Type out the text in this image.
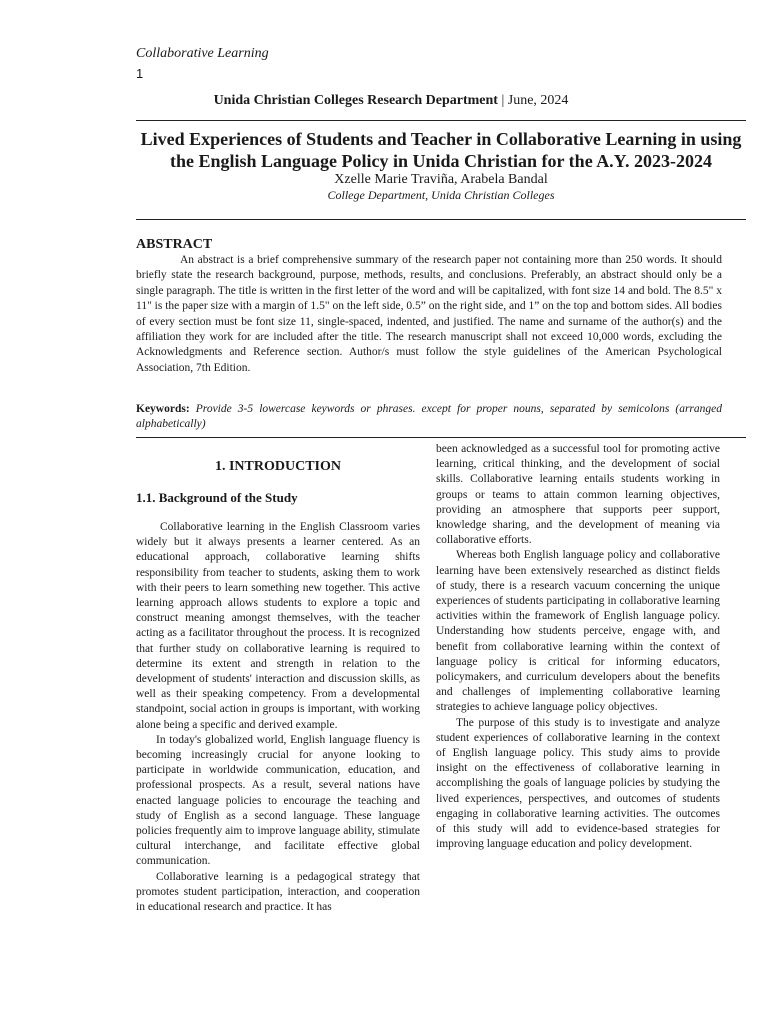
Collaborative Learning
1
Unida Christian Colleges Research Department | June, 2024
Lived Experiences of Students and Teacher in Collaborative Learning in using the English Language Policy in Unida Christian for the A.Y. 2023-2024
Xzelle Marie Traviña, Arabela Bandal
College Department, Unida Christian Colleges
ABSTRACT

An abstract is a brief comprehensive summary of the research paper not containing more than 250 words. It should briefly state the research background, purpose, methods, results, and conclusions. Preferably, an abstract should only be a single paragraph. The title is written in the first letter of the word and will be capitalized, with font size 14 and bold. The 8.5" x 11" is the paper size with a margin of 1.5" on the left side, 0.5” on the right side, and 1” on the top and bottom sides. All bodies of every section must be font size 11, single-spaced, indented, and justified. The name and surname of the author(s) and the affiliation they work for are included after the title. The research manuscript shall not exceed 10,000 words, excluding the Acknowledgments and Reference section. Author/s must follow the style guidelines of the American Psychological Association, 7th Edition.

Keywords: Provide 3-5 lowercase keywords or phrases. except for proper nouns, separated by semicolons (arranged alphabetically)

1. INTRODUCTION
1.1. Background of the Study

Collaborative learning in the English Classroom varies widely but it always presents a learner centered. As an educational approach, collaborative learning shifts responsibility from teacher to students, asking them to work with their peers to learn something new together. This active learning approach allows students to explore a topic and construct meaning amongst themselves, with the teacher acting as a facilitator throughout the process. It is recognized that further study on collaborative learning is required to determine its extent and strength in relation to the development of students' interaction and discussion skills, as well as their speaking competency. From a developmental standpoint, social action in groups is important, with working alone being a specific and derived example.

In today's globalized world, English language fluency is becoming increasingly crucial for anyone looking to participate in worldwide communication, education, and professional prospects. As a result, several nations have enacted language policies to encourage the teaching and study of English as a second language. These language policies frequently aim to improve language ability, stimulate cultural interchange, and facilitate effective global communication.

Collaborative learning is a pedagogical strategy that promotes student participation, interaction, and cooperation in educational research and practice. It has

been acknowledged as a successful tool for promoting active learning, critical thinking, and the development of social skills. Collaborative learning entails students working in groups or teams to attain common learning objectives, providing an atmosphere that supports peer support, knowledge sharing, and the development of meaning via collaborative efforts.

Whereas both English language policy and collaborative learning have been extensively researched as distinct fields of study, there is a research vacuum concerning the unique experiences of students participating in collaborative learning activities within the framework of English language policy. Understanding how students perceive, engage with, and benefit from collaborative learning within the context of language policy is critical for informing educators, policymakers, and curriculum developers about the benefits and challenges of implementing collaborative learning strategies to achieve language policy objectives.

The purpose of this study is to investigate and analyze student experiences of collaborative learning in the context of English language policy. This study aims to provide insight on the effectiveness of collaborative learning in accomplishing the goals of language policies by studying the lived experiences, perspectives, and outcomes of students engaging in collaborative learning activities. The outcomes of this study will add to evidence-based strategies for improving language education and policy development.
